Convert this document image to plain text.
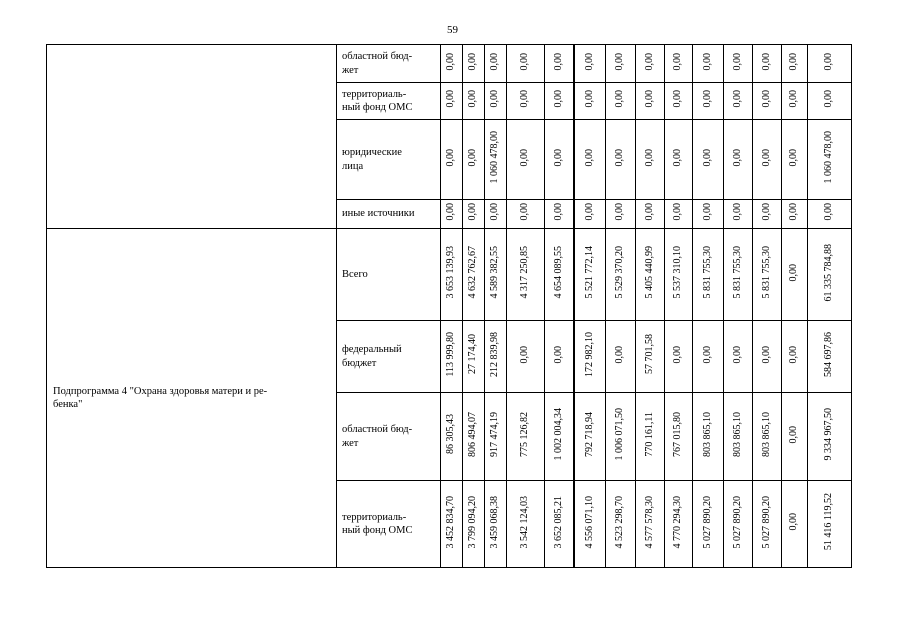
59
	областной бюд-
жет	0,00	0,00	0,00	0,00	0,00	0,00	0,00	0,00	0,00	0,00	0,00	0,00	0,00	0,00
	территориаль-
ный фонд ОМС	0,00	0,00	0,00	0,00	0,00	0,00	0,00	0,00	0,00	0,00	0,00	0,00	0,00	0,00
	юридические
лица	0,00	0,00	1 060 478,00	0,00	0,00	0,00	0,00	0,00	0,00	0,00	0,00	0,00	0,00	1 060 478,00
	иные источники	0,00	0,00	0,00	0,00	0,00	0,00	0,00	0,00	0,00	0,00	0,00	0,00	0,00	0,00
Подпрограмма 4 "Охрана здоровья матери и ре-
бенка"	Всего	3 653 139,93	4 632 762,67	4 589 382,55	4 317 250,85	4 654 089,55	5 521 772,14	5 529 370,20	5 405 440,99	5 537 310,10	5 831 755,30	5 831 755,30	5 831 755,30	0,00	61 335 784,88
	федеральный
бюджет	113 999,80	27 174,40	212 839,98	0,00	0,00	172 982,10	0,00	57 701,58	0,00	0,00	0,00	0,00	0,00	584 697,86
	областной бюд-
жет	86 305,43	806 494,07	917 474,19	775 126,82	1 002 004,34	792 718,94	1 006 071,50	770 161,11	767 015,80	803 865,10	803 865,10	803 865,10	0,00	9 334 967,50
	территориаль-
ный фонд ОМС	3 452 834,70	3 799 094,20	3 459 068,38	3 542 124,03	3 652 085,21	4 556 071,10	4 523 298,70	4 577 578,30	4 770 294,30	5 027 890,20	5 027 890,20	5 027 890,20	0,00	51 416 119,52
